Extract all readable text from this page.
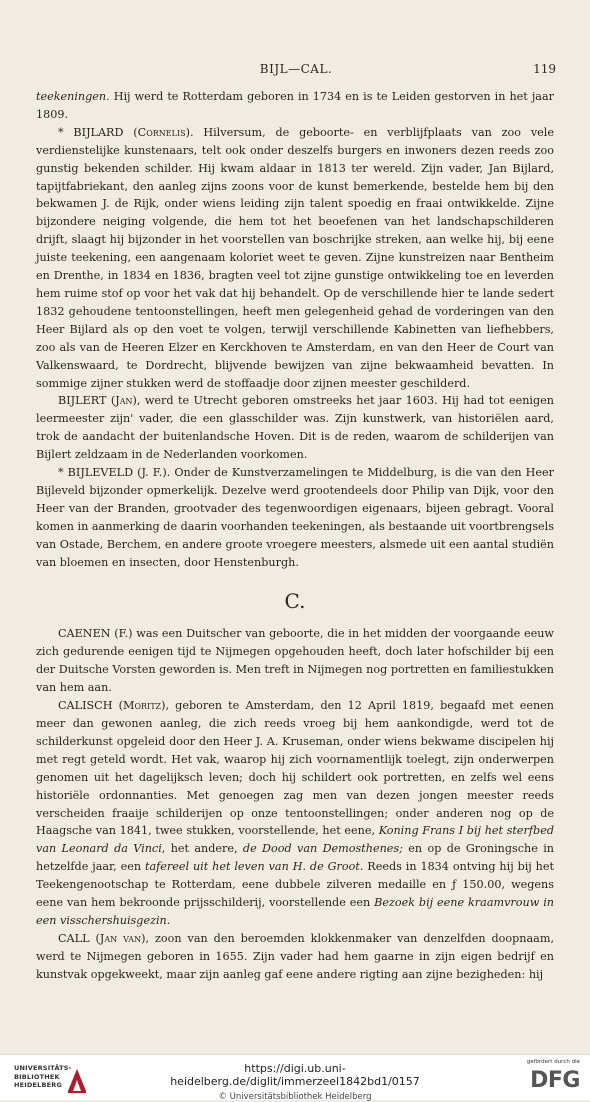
BIJL—CAL.	119

teekeningen. Hij werd te Rotterdam geboren in 1734 en is te Leiden gestorven in het jaar 1809.

* BIJLARD (Cornelis). Hilversum, de geboorte- en verblijfplaats van zoo vele verdienstelijke kunstenaars, telt ook onder deszelfs burgers en inwoners dezen reeds zoo gunstig bekenden schilder. Hij kwam aldaar in 1813 ter wereld. Zijn vader, Jan Bijlard, tapijtfabriekant, den aanleg zijns zoons voor de kunst bemerkende, bestelde hem bij den bekwamen J. de Rijk, onder wiens leiding zijn talent spoedig en fraai ontwikkelde. Zijne bijzondere neiging volgende, die hem tot het beoefenen van het landschapschilderen drijft, slaagt hij bijzonder in het voorstellen van boschrijke streken, aan welke hij, bij eene juiste teekening, een aangenaam koloriet weet te geven. Zijne kunstreizen naar Bentheim en Drenthe, in 1834 en 1836, bragten veel tot zijne gunstige ontwikkeling toe en leverden hem ruime stof op voor het vak dat hij behandelt. Op de verschillende hier te lande sedert 1832 gehoudene tentoonstellingen, heeft men gelegenheid gehad de vorderingen van den Heer Bijlard als op den voet te volgen, terwijl verschillende Kabinetten van liefhebbers, zoo als van de Heeren Elzer en Kerckhoven te Amsterdam, en van den Heer de Court van Valkenswaard, te Dordrecht, blijvende bewijzen van zijne bekwaamheid bevatten. In sommige zijner stukken werd de stoffaadje door zijnen meester geschilderd.

BIJLERT (Jan), werd te Utrecht geboren omstreeks het jaar 1603. Hij had tot eenigen leermeester zijn' vader, die een glasschilder was. Zijn kunstwerk, van historiëlen aard, trok de aandacht der buitenlandsche Hoven. Dit is de reden, waarom de schilderijen van Bijlert zeldzaam in de Nederlanden voorkomen.

* BIJLEVELD (J. F.). Onder de Kunstverzamelingen te Middelburg, is die van den Heer Bijleveld bijzonder opmerkelijk. Dezelve werd grootendeels door Philip van Dijk, voor den Heer van der Branden, grootvader des tegenwoordigen eigenaars, bijeen gebragt. Vooral komen in aanmerking de daarin voorhanden teekeningen, als bestaande uit voortbrengsels van Ostade, Berchem, en andere groote vroegere meesters, alsmede uit een aantal studiën van bloemen en insecten, door Henstenburgh.

C.

CAENEN (F.) was een Duitscher van geboorte, die in het midden der voorgaande eeuw zich gedurende eenigen tijd te Nijmegen opgehouden heeft, doch later hofschilder bij een der Duitsche Vorsten geworden is. Men treft in Nijmegen nog portretten en familiestukken van hem aan.

CALISCH (Moritz), geboren te Amsterdam, den 12 April 1819, begaafd met eenen meer dan gewonen aanleg, die zich reeds vroeg bij hem aankondigde, werd tot de schilderkunst opgeleid door den Heer J. A. Kruseman, onder wiens bekwame discipelen hij met regt geteld wordt. Het vak, waarop hij zich voornamentlijk toelegt, zijn onderwerpen genomen uit het dagelijksch leven; doch hij schildert ook portretten, en zelfs wel eens historiële ordonnanties. Met genoegen zag men van dezen jongen meester reeds verscheiden fraaije schilderijen op onze tentoonstellingen; onder anderen nog op de Haagsche van 1841, twee stukken, voorstellende, het eene, Koning Frans I bij het sterfbed van Leonard da Vinci, het andere, de Dood van Demosthenes; en op de Groningsche in hetzelfde jaar, een tafereel uit het leven van H. de Groot. Reeds in 1834 ontving hij bij het Teekengenootschap te Rotterdam, eene dubbele zilveren medaille en ƒ 150.00, wegens eene van hem bekroonde prijsschilderij, voorstellende een Bezoek bij eene kraamvrouw in een visschershuisgezin.

CALL (Jan van), zoon van den beroemden klokkenmaker van denzelfden doopnaam, werd te Nijmegen geboren in 1655. Zijn vader had hem gaarne in zijn eigen bedrijf en kunstvak opgekweekt, maar zijn aanleg gaf eene andere rigting aan zijne bezigheden: hij

UNIVERSITÄTS-
BIBLIOTHEK
HEIDELBERG
https://digi.ub.uni-heidelberg.de/diglit/immerzeel1842bd1/0157
© Universitätsbibliothek Heidelberg
gefördert durch die
DFG
